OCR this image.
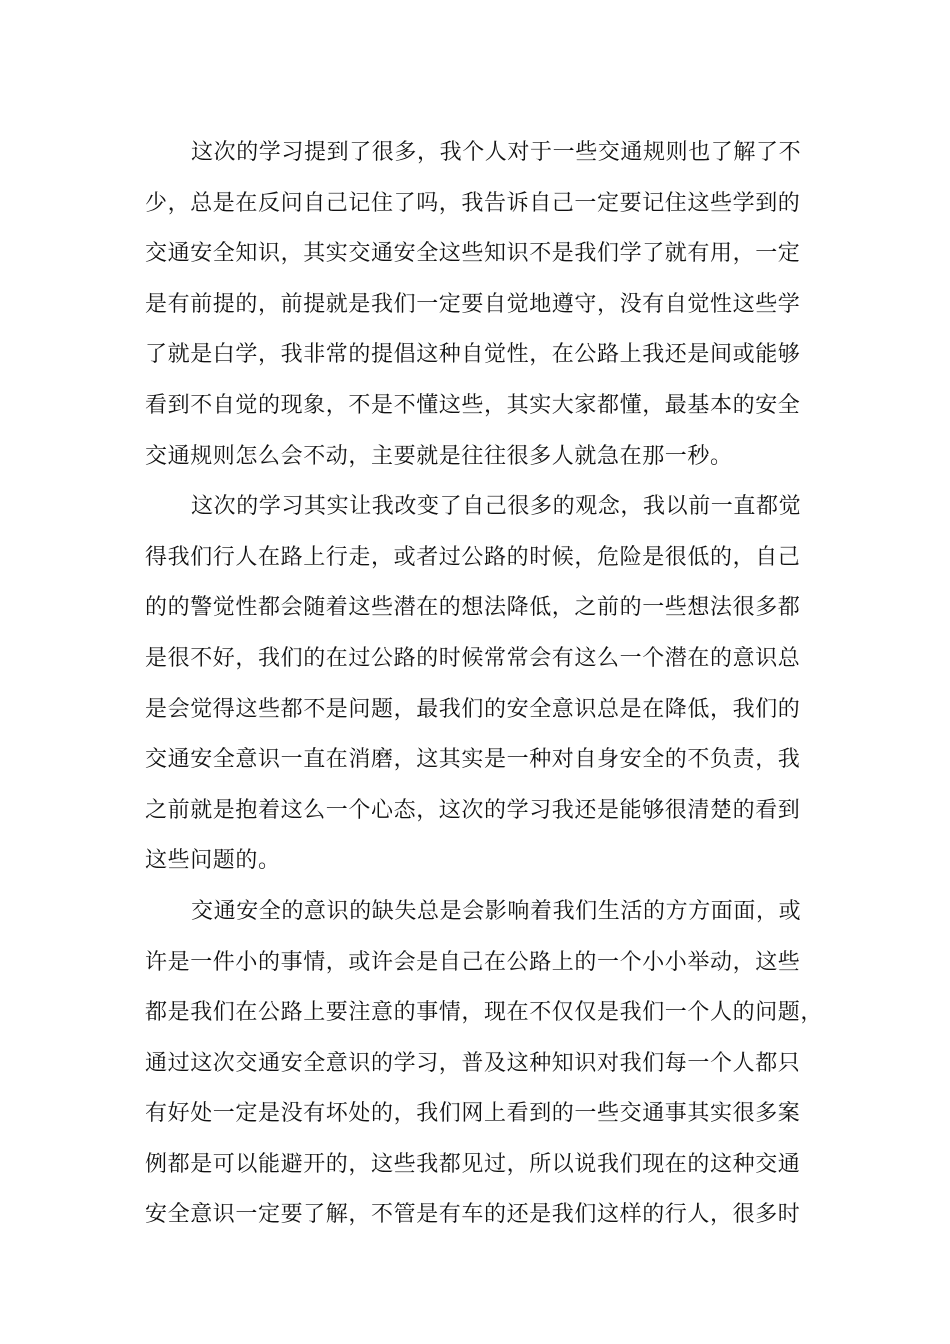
这次的学习提到了很多，我个人对于一些交通规则也了解了不
少，总是在反问自己记住了吗，我告诉自己一定要记住这些学到的
交通安全知识，其实交通安全这些知识不是我们学了就有用，一定
是有前提的，前提就是我们一定要自觉地遵守，没有自觉性这些学
了就是白学，我非常的提倡这种自觉性，在公路上我还是间或能够
看到不自觉的现象，不是不懂这些，其实大家都懂，最基本的安全
交通规则怎么会不动，主要就是往往很多人就急在那一秒。
这次的学习其实让我改变了自己很多的观念，我以前一直都觉
得我们行人在路上行走，或者过公路的时候，危险是很低的，自己
的的警觉性都会随着这些潜在的想法降低，之前的一些想法很多都
是很不好，我们的在过公路的时候常常会有这么一个潜在的意识总
是会觉得这些都不是问题，最我们的安全意识总是在降低，我们的
交通安全意识一直在消磨，这其实是一种对自身安全的不负责，我
之前就是抱着这么一个心态，这次的学习我还是能够很清楚的看到
这些问题的。
交通安全的意识的缺失总是会影响着我们生活的方方面面，或
许是一件小的事情，或许会是自己在公路上的一个小小举动，这些
都是我们在公路上要注意的事情，现在不仅仅是我们一个人的问题，
通过这次交通安全意识的学习，普及这种知识对我们每一个人都只
有好处一定是没有坏处的，我们网上看到的一些交通事其实很多案
例都是可以能避开的，这些我都见过，所以说我们现在的这种交通
安全意识一定要了解，不管是有车的还是我们这样的行人，很多时
